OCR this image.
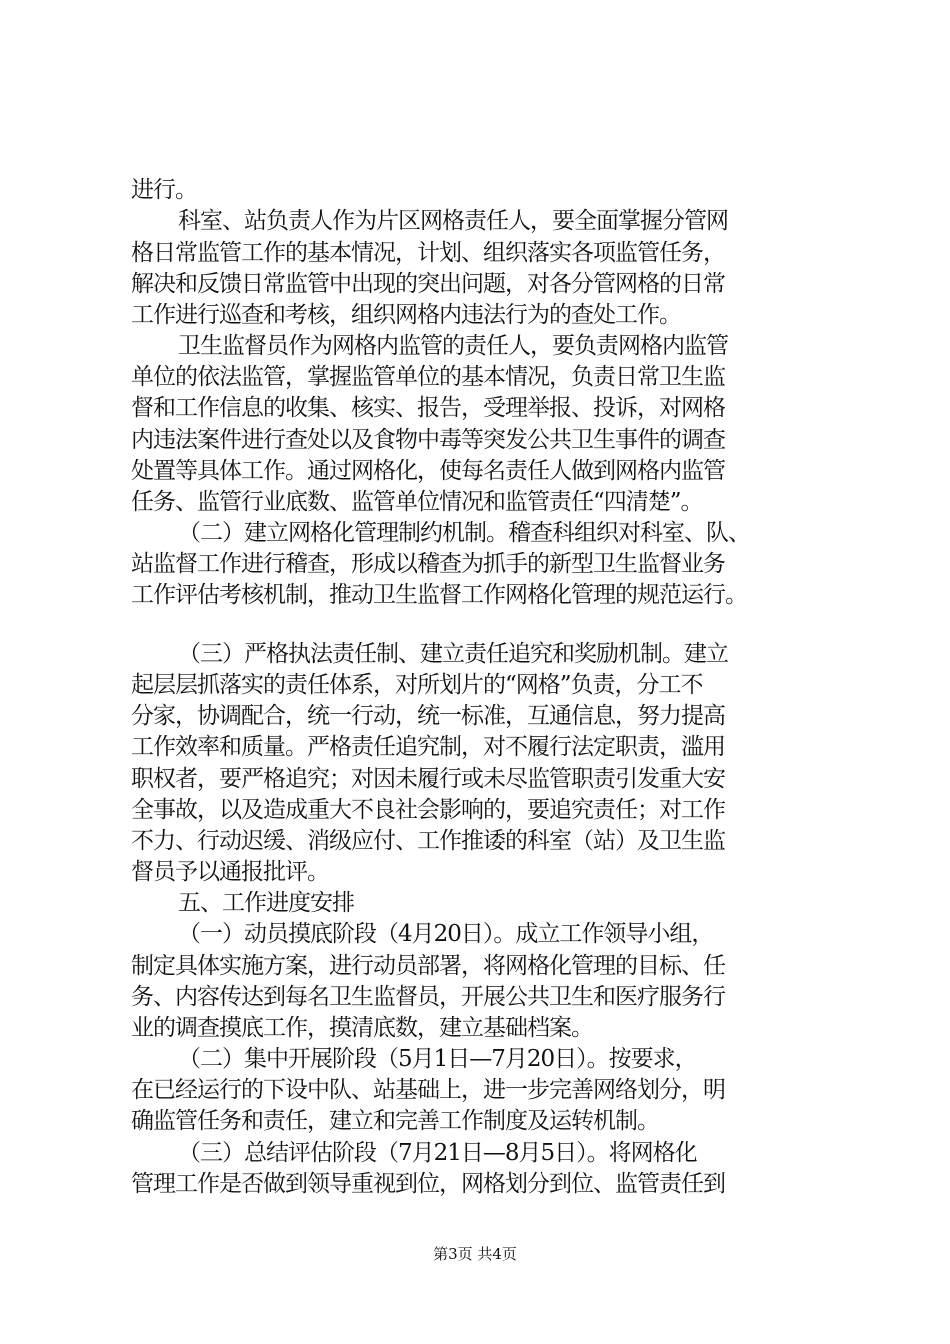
进行。
科室、站负责人作为片区网格责任人，要全面掌握分管网
格日常监管工作的基本情况，计划、组织落实各项监管任务，
解决和反馈日常监管中出现的突出问题，对各分管网格的日常
工作进行巡查和考核，组织网格内违法行为的查处工作。
卫生监督员作为网格内监管的责任人，要负责网格内监管
单位的依法监管，掌握监管单位的基本情况，负责日常卫生监
督和工作信息的收集、核实、报告，受理举报、投诉，对网格
内违法案件进行查处以及食物中毒等突发公共卫生事件的调查
处置等具体工作。通过网格化，使每名责任人做到网格内监管
任务、监管行业底数、监管单位情况和监管责任“四清楚”。
（二）建立网格化管理制约机制。稽查科组织对科室、队、
站监督工作进行稽查，形成以稽查为抓手的新型卫生监督业务
工作评估考核机制，推动卫生监督工作网格化管理的规范运行。
（三）严格执法责任制、建立责任追究和奖励机制。建立
起层层抓落实的责任体系，对所划片的“网格”负责，分工不
分家，协调配合，统一行动，统一标准，互通信息，努力提高
工作效率和质量。严格责任追究制，对不履行法定职责，滥用
职权者，要严格追究；对因未履行或未尽监管职责引发重大安
全事故，以及造成重大不良社会影响的，要追究责任；对工作
不力、行动迟缓、消级应付、工作推诿的科室（站）及卫生监
督员予以通报批评。
五、工作进度安排
（一）动员摸底阶段（4月20日）。成立工作领导小组，
制定具体实施方案，进行动员部署，将网格化管理的目标、任
务、内容传达到每名卫生监督员，开展公共卫生和医疗服务行
业的调查摸底工作，摸清底数，建立基础档案。
（二）集中开展阶段（5月1日—7月20日）。按要求，
在已经运行的下设中队、站基础上，进一步完善网络划分，明
确监管任务和责任，建立和完善工作制度及运转机制。
（三）总结评估阶段（7月21日—8月5日）。将网格化
管理工作是否做到领导重视到位，网格划分到位、监管责任到
第3页 共4页
